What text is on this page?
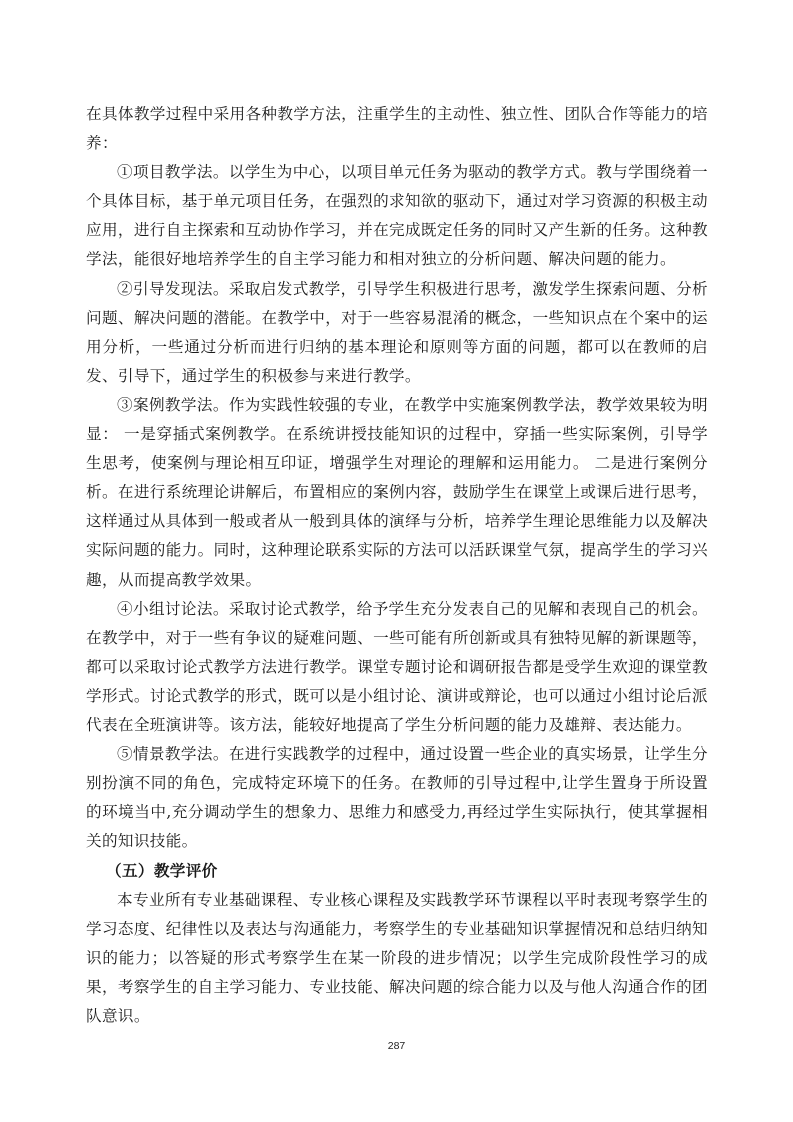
在具体教学过程中采用各种教学方法，注重学生的主动性、独立性、团队合作等能力的培养：

①项目教学法。以学生为中心，以项目单元任务为驱动的教学方式。教与学围绕着一个具体目标，基于单元项目任务，在强烈的求知欲的驱动下，通过对学习资源的积极主动应用，进行自主探索和互动协作学习，并在完成既定任务的同时又产生新的任务。这种教学法，能很好地培养学生的自主学习能力和相对独立的分析问题、解决问题的能力。

②引导发现法。采取启发式教学，引导学生积极进行思考，激发学生探索问题、分析问题、解决问题的潜能。在教学中，对于一些容易混淆的概念，一些知识点在个案中的运用分析，一些通过分析而进行归纳的基本理论和原则等方面的问题，都可以在教师的启发、引导下，通过学生的积极参与来进行教学。

③案例教学法。作为实践性较强的专业，在教学中实施案例教学法，教学效果较为明显： 一是穿插式案例教学。在系统讲授技能知识的过程中，穿插一些实际案例，引导学生思考，使案例与理论相互印证，增强学生对理论的理解和运用能力。 二是进行案例分析。在进行系统理论讲解后，布置相应的案例内容，鼓励学生在课堂上或课后进行思考，这样通过从具体到一般或者从一般到具体的演绎与分析，培养学生理论思维能力以及解决实际问题的能力。同时，这种理论联系实际的方法可以活跃课堂气氛，提高学生的学习兴趣，从而提高教学效果。

④小组讨论法。采取讨论式教学，给予学生充分发表自己的见解和表现自己的机会。在教学中，对于一些有争议的疑难问题、一些可能有所创新或具有独特见解的新课题等，都可以采取讨论式教学方法进行教学。课堂专题讨论和调研报告都是受学生欢迎的课堂教学形式。讨论式教学的形式，既可以是小组讨论、演讲或辩论，也可以通过小组讨论后派代表在全班演讲等。该方法，能较好地提高了学生分析问题的能力及雄辩、表达能力。

⑤情景教学法。在进行实践教学的过程中，通过设置一些企业的真实场景，让学生分别扮演不同的角色，完成特定环境下的任务。在教师的引导过程中,让学生置身于所设置的环境当中,充分调动学生的想象力、思维力和感受力,再经过学生实际执行，使其掌握相关的知识技能。

（五）教学评价

本专业所有专业基础课程、专业核心课程及实践教学环节课程以平时表现考察学生的学习态度、纪律性以及表达与沟通能力，考察学生的专业基础知识掌握情况和总结归纳知识的能力；以答疑的形式考察学生在某一阶段的进步情况；以学生完成阶段性学习的成果，考察学生的自主学习能力、专业技能、解决问题的综合能力以及与他人沟通合作的团队意识。

287
